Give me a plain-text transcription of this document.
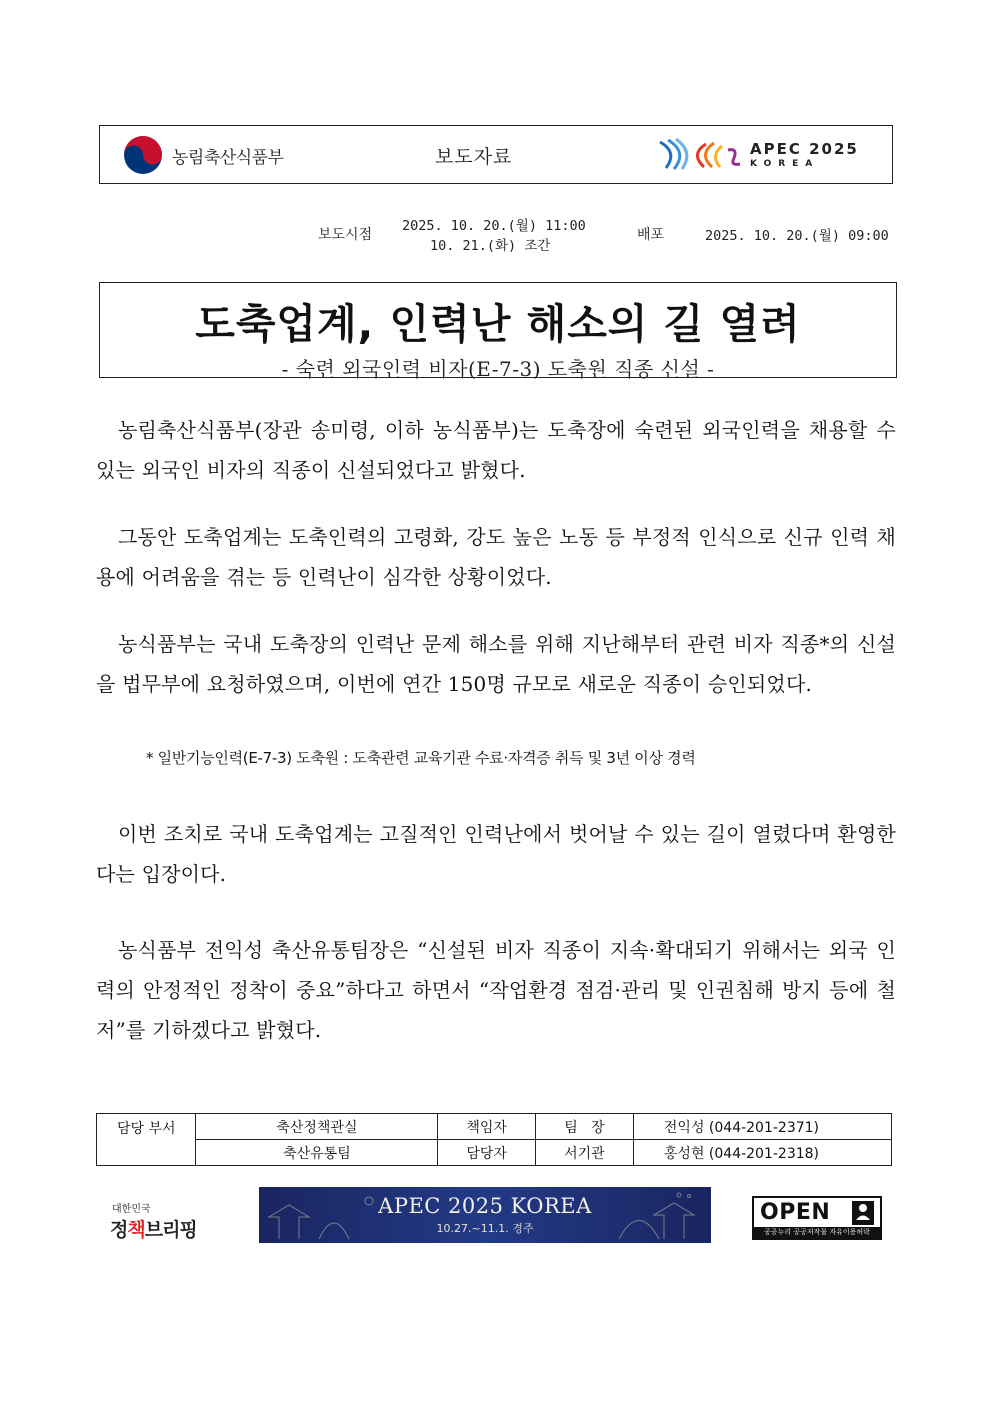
농림축산식품부	보도자료	APEC 2025
KOREA
보도시점
2025. 10. 20.(월) 11:00
10. 21.(화) 조간
배포	2025. 10. 20.(월) 09:00
도축업계, 인력난 해소의 길 열려
- 숙련 외국인력 비자(E-7-3) 도축원 직종 신설 -

농림축산식품부(장관 송미령, 이하 농식품부)는 도축장에 숙련된 외국인력을 채용할 수 있는 외국인 비자의 직종이 신설되었다고 밝혔다.

그동안 도축업계는 도축인력의 고령화, 강도 높은 노동 등 부정적 인식으로 신규 인력 채용에 어려움을 겪는 등 인력난이 심각한 상황이었다.

농식품부는 국내 도축장의 인력난 문제 해소를 위해 지난해부터 관련 비자 직종*의 신설을 법무부에 요청하였으며, 이번에 연간 150명 규모로 새로운 직종이 승인되었다.

* 일반기능인력(E-7-3) 도축원 : 도축관련 교육기관 수료·자격증 취득 및 3년 이상 경력

이번 조치로 국내 도축업계는 고질적인 인력난에서 벗어날 수 있는 길이 열렸다며 환영한다는 입장이다.

농식품부 전익성 축산유통팀장은 “신설된 비자 직종이 지속·확대되기 위해서는 외국 인력의 안정적인 정착이 중요”하다고 하면서 “작업환경 점검·관리 및 인권침해 방지 등에 철저”를 기하겠다고 밝혔다.

담당 부서	축산정책관실	책임자	팀   장	전익성 (044-201-2371)
	축산유통팀	담당자	서기관	홍성현 (044-201-2318)
대한민국
정책브리핑
APEC 2025 KOREA
10.27.~11.1. 경주
OPEN
공공누리 공공저작물 자유이용허락
